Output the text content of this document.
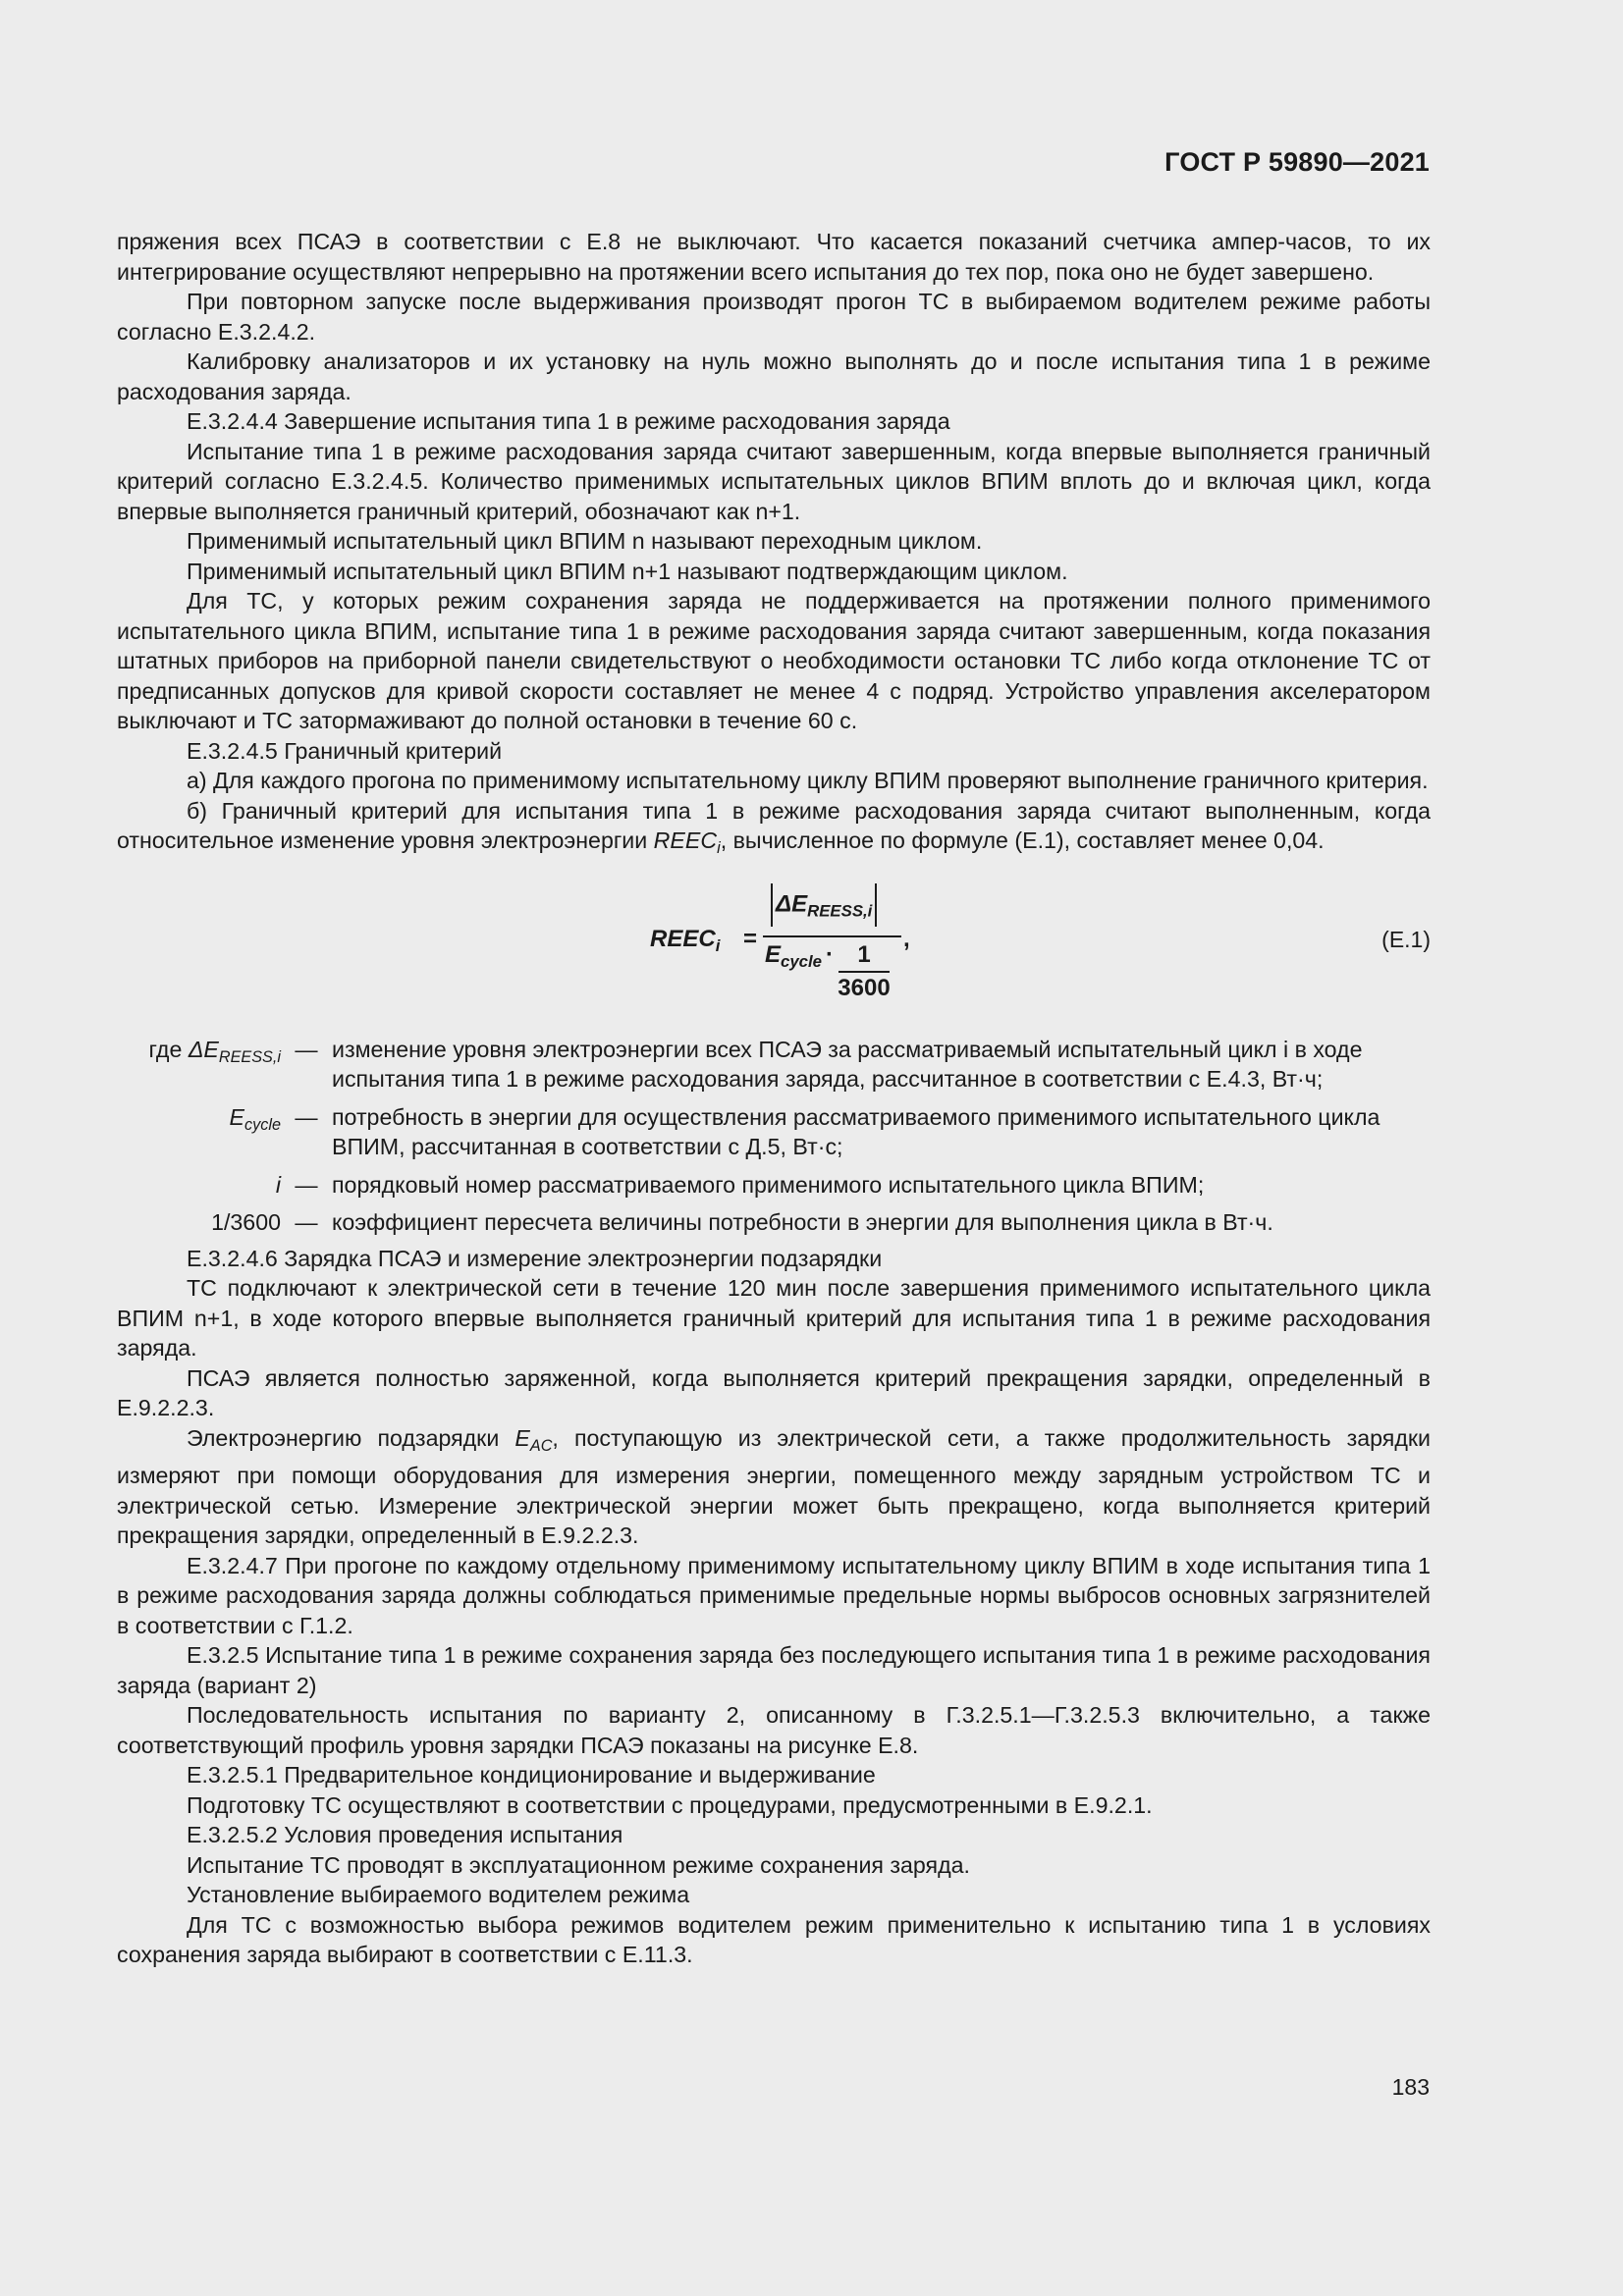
ГОСТ Р 59890—2021

пряжения всех ПСАЭ в соответствии с Е.8 не выключают. Что касается показаний счетчика ампер-часов, то их интегрирование осуществляют непрерывно на протяжении всего испытания до тех пор, пока оно не будет завершено.

При повторном запуске после выдерживания производят прогон ТС в выбираемом водителем режиме работы согласно Е.3.2.4.2.

Калибровку анализаторов и их установку на нуль можно выполнять до и после испытания типа 1 в режиме расходования заряда.

Е.3.2.4.4 Завершение испытания типа 1 в режиме расходования заряда

Испытание типа 1 в режиме расходования заряда считают завершенным, когда впервые выполняется граничный критерий согласно Е.3.2.4.5. Количество применимых испытательных циклов ВПИМ вплоть до и включая цикл, когда впервые выполняется граничный критерий, обозначают как n+1.

Применимый испытательный цикл ВПИМ n называют переходным циклом.

Применимый испытательный цикл ВПИМ n+1 называют подтверждающим циклом.

Для ТС, у которых режим сохранения заряда не поддерживается на протяжении полного применимого испытательного цикла ВПИМ, испытание типа 1 в режиме расходования заряда считают завершенным, когда показания штатных приборов на приборной панели свидетельствуют о необходимости остановки ТС либо когда отклонение ТС от предписанных допусков для кривой скорости составляет не менее 4 с подряд. Устройство управления акселератором выключают и ТС затормаживают до полной остановки в течение 60 с.

Е.3.2.4.5 Граничный критерий

а) Для каждого прогона по применимому испытательному циклу ВПИМ проверяют выполнение граничного критерия.

б) Граничный критерий для испытания типа 1 в режиме расходования заряда считают выполненным, когда относительное изменение уровня электроэнергии $REEC_i$, вычисленное по формуле (Е.1), составляет менее 0,04.

$REEC_i$ =
$\Delta E_{REESS,i}$
$E_{cycle}$ ·	1
3600
,	(Е.1)
где $\Delta E_{REESS,i}$	—	изменение уровня электроэнергии всех ПСАЭ за рассматриваемый испытательный цикл i в ходе испытания типа 1 в режиме расходования заряда, рассчитанное в соответствии с Е.4.3, Вт·ч;
$E_{cycle}$	—	потребность в энергии для осуществления рассматриваемого применимого испытательного цикла ВПИМ, рассчитанная в соответствии с Д.5, Вт·с;
i	—	порядковый номер рассматриваемого применимого испытательного цикла ВПИМ;
1/3600	—	коэффициент пересчета величины потребности в энергии для выполнения цикла в Вт·ч.

Е.3.2.4.6 Зарядка ПСАЭ и измерение электроэнергии подзарядки

ТС подключают к электрической сети в течение 120 мин после завершения применимого испытательного цикла ВПИМ n+1, в ходе которого впервые выполняется граничный критерий для испытания типа 1 в режиме расходования заряда.

ПСАЭ является полностью заряженной, когда выполняется критерий прекращения зарядки, определенный в Е.9.2.2.3.

Электроэнергию подзарядки $E_{AC}$, поступающую из электрической сети, а также продолжительность зарядки измеряют при помощи оборудования для измерения энергии, помещенного между зарядным устройством ТС и электрической сетью. Измерение электрической энергии может быть прекращено, когда выполняется критерий прекращения зарядки, определенный в Е.9.2.2.3.

Е.3.2.4.7 При прогоне по каждому отдельному применимому испытательному циклу ВПИМ в ходе испытания типа 1 в режиме расходования заряда должны соблюдаться применимые предельные нормы выбросов основных загрязнителей в соответствии с Г.1.2.

Е.3.2.5 Испытание типа 1 в режиме сохранения заряда без последующего испытания типа 1 в режиме расходования заряда (вариант 2)

Последовательность испытания по варианту 2, описанному в Г.3.2.5.1—Г.3.2.5.3 включительно, а также соответствующий профиль уровня зарядки ПСАЭ показаны на рисунке Е.8.

Е.3.2.5.1 Предварительное кондиционирование и выдерживание

Подготовку ТС осуществляют в соответствии с процедурами, предусмотренными в Е.9.2.1.

Е.3.2.5.2 Условия проведения испытания

Испытание ТС проводят в эксплуатационном режиме сохранения заряда.

Установление выбираемого водителем режима

Для ТС с возможностью выбора режимов водителем режим применительно к испытанию типа 1 в условиях сохранения заряда выбирают в соответствии с Е.11.3.

183
